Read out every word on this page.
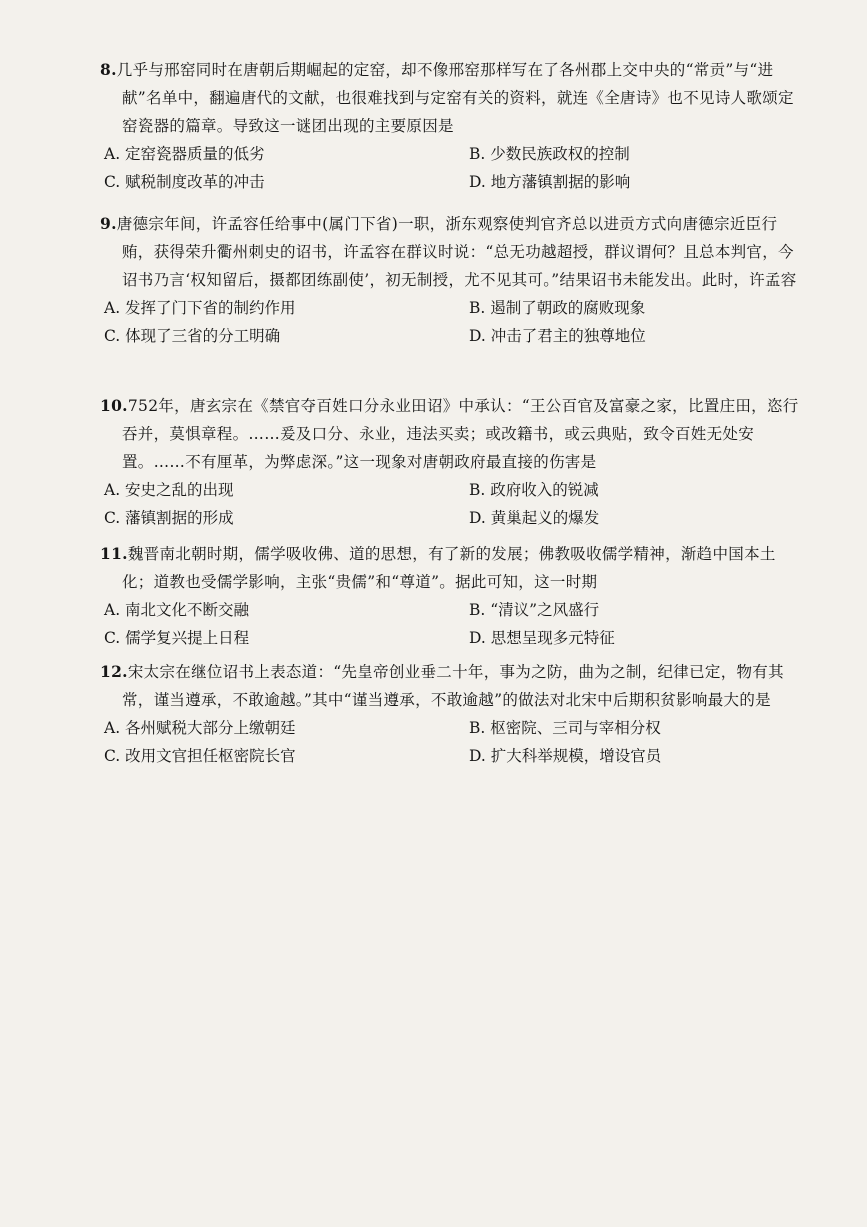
8.几乎与邢窑同时在唐朝后期崛起的定窑，却不像邢窑那样写在了各州郡上交中央的“常贡”与“进献”名单中，翻遍唐代的文献，也很难找到与定窑有关的资料，就连《全唐诗》也不见诗人歌颂定窑瓷器的篇章。导致这一谜团出现的主要原因是

A. 定窑瓷器质量的低劣	B. 少数民族政权的控制
C. 赋税制度改革的冲击	D. 地方藩镇割据的影响

9.唐德宗年间，许孟容任给事中(属门下省)一职，浙东观察使判官齐总以进贡方式向唐德宗近臣行贿，获得荣升衢州刺史的诏书，许孟容在群议时说：“总无功越超授，群议谓何？且总本判官，今诏书乃言‘权知留后，摄都团练副使’，初无制授，尤不见其可。”结果诏书未能发出。此时，许孟容

A. 发挥了门下省的制约作用	B. 遏制了朝政的腐败现象
C. 体现了三省的分工明确	D. 冲击了君主的独尊地位

10.752年，唐玄宗在《禁官夺百姓口分永业田诏》中承认：“王公百官及富豪之家，比置庄田，恣行吞并，莫惧章程。……爰及口分、永业，违法买卖；或改籍书，或云典贴，致令百姓无处安置。……不有厘革，为弊虑深。”这一现象对唐朝政府最直接的伤害是

A. 安史之乱的出现	B. 政府收入的锐减
C. 藩镇割据的形成	D. 黄巢起义的爆发

11.魏晋南北朝时期，儒学吸收佛、道的思想，有了新的发展；佛教吸收儒学精神，渐趋中国本土化；道教也受儒学影响，主张“贵儒”和“尊道”。据此可知，这一时期

A. 南北文化不断交融	B. “清议”之风盛行
C. 儒学复兴提上日程	D. 思想呈现多元特征

12.宋太宗在继位诏书上表态道：“先皇帝创业垂二十年，事为之防，曲为之制，纪律已定，物有其常，谨当遵承，不敢逾越。”其中“谨当遵承，不敢逾越”的做法对北宋中后期积贫影响最大的是

A. 各州赋税大部分上缴朝廷	B. 枢密院、三司与宰相分权
C. 改用文官担任枢密院长官	D. 扩大科举规模，增设官员
